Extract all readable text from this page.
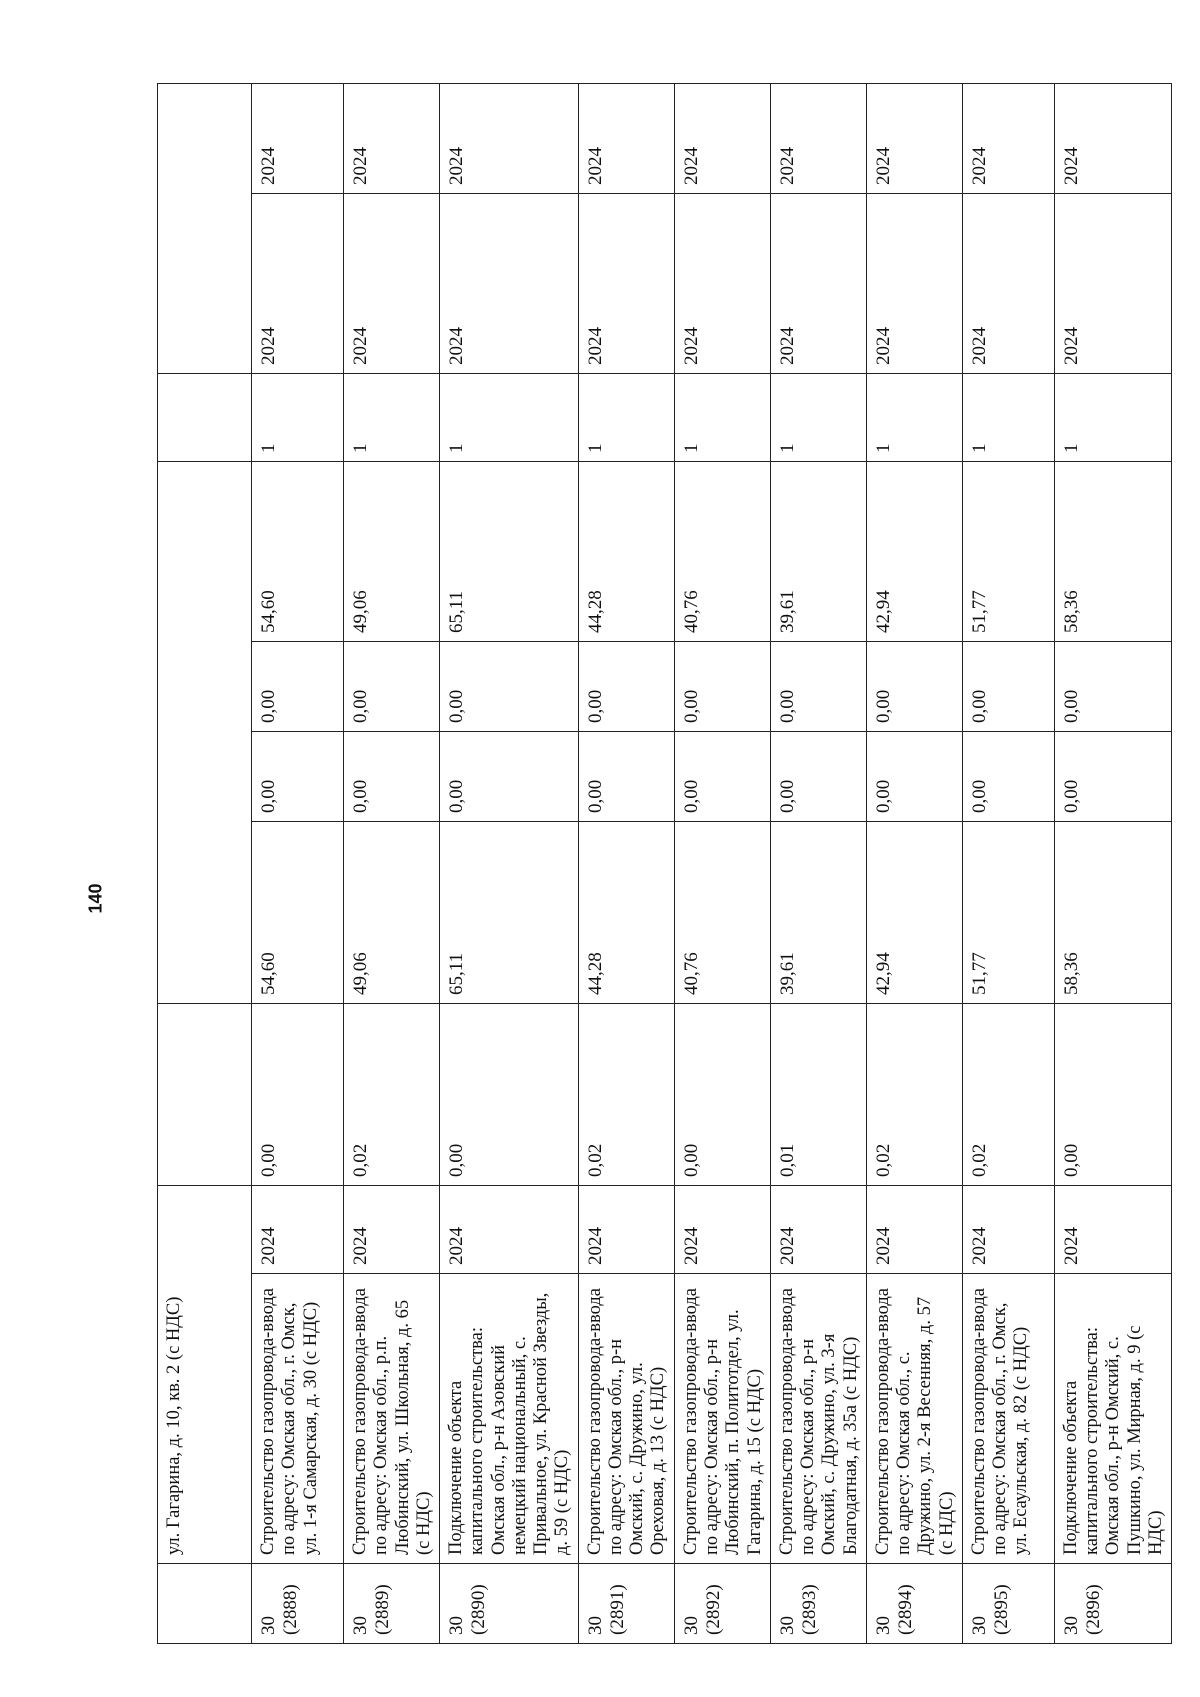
140
	ул. Гагарина, д. 10, кв. 2 (с НДС)									
30 (2888)	Строительство газопровода-ввода по адресу: Омская обл., г. Омск, ул. 1-я Самарская, д. 30 (с НДС)	2024	0,00	54,60	0,00	0,00	54,60	1	2024	2024
30 (2889)	Строительство газопровода-ввода по адресу: Омская обл., р.п. Любинский, ул. Школьная, д. 65 (с НДС)	2024	0,02	49,06	0,00	0,00	49,06	1	2024	2024
30 (2890)	Подключение объекта капитального строительства: Омская обл., р-н Азовский немецкий национальный, с. Привальное, ул. Красной Звезды, д. 59 (с НДС)	2024	0,00	65,11	0,00	0,00	65,11	1	2024	2024
30 (2891)	Строительство газопровода-ввода по адресу: Омская обл., р-н Омский, с. Дружино, ул. Ореховая, д. 13 (с НДС)	2024	0,02	44,28	0,00	0,00	44,28	1	2024	2024
30 (2892)	Строительство газопровода-ввода по адресу: Омская обл., р-н Любинский, п. Политотдел, ул. Гагарина, д. 15 (с НДС)	2024	0,00	40,76	0,00	0,00	40,76	1	2024	2024
30 (2893)	Строительство газопровода-ввода по адресу: Омская обл., р-н Омский, с. Дружино, ул. 3-я Благодатная, д. 35а (с НДС)	2024	0,01	39,61	0,00	0,00	39,61	1	2024	2024
30 (2894)	Строительство газопровода-ввода по адресу: Омская обл., с. Дружино, ул. 2-я Весенняя, д. 57 (с НДС)	2024	0,02	42,94	0,00	0,00	42,94	1	2024	2024
30 (2895)	Строительство газопровода-ввода по адресу: Омская обл., г. Омск, ул. Есаульская, д. 82 (с НДС)	2024	0,02	51,77	0,00	0,00	51,77	1	2024	2024
30 (2896)	Подключение объекта капитального строительства: Омская обл., р-н Омский, с. Пушкино, ул. Мирная, д. 9 (с НДС)	2024	0,00	58,36	0,00	0,00	58,36	1	2024	2024
